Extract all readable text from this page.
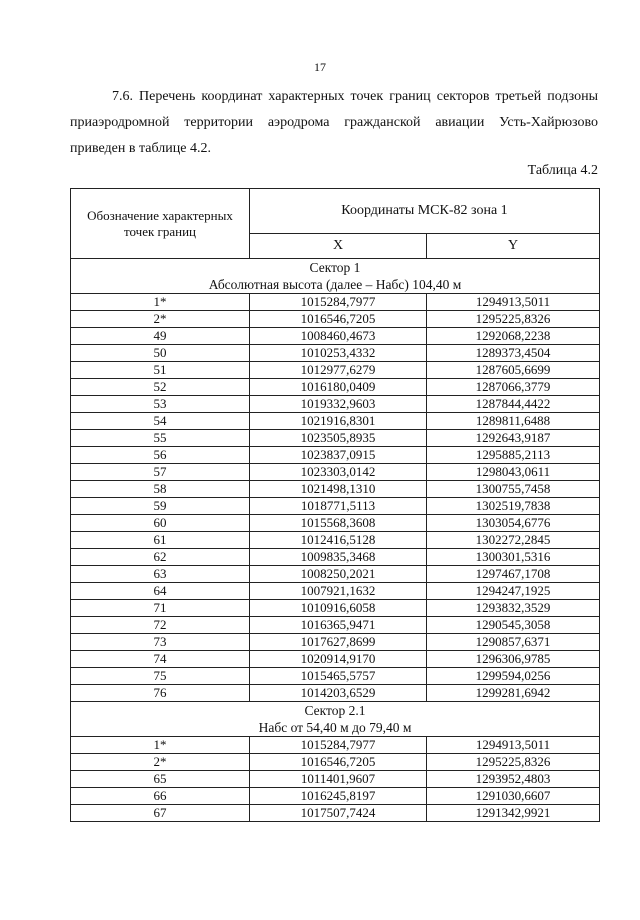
17
7.6. Перечень координат характерных точек границ секторов третьей подзоны
приаэродромной территории аэродрома гражданской авиации Усть-Хайрюзово
приведен в таблице 4.2.
Таблица 4.2
Обозначение характерных точек границ	Координаты МСК-82 зона 1	
	X	Y

Сектор 1
Абсолютная высота (далее – Набс) 104,40 м		

1*	1015284,7977	1294913,5011
2*	1016546,7205	1295225,8326
49	1008460,4673	1292068,2238
50	1010253,4332	1289373,4504
51	1012977,6279	1287605,6699
52	1016180,0409	1287066,3779
53	1019332,9603	1287844,4422
54	1021916,8301	1289811,6488
55	1023505,8935	1292643,9187
56	1023837,0915	1295885,2113
57	1023303,0142	1298043,0611
58	1021498,1310	1300755,7458
59	1018771,5113	1302519,7838
60	1015568,3608	1303054,6776
61	1012416,5128	1302272,2845
62	1009835,3468	1300301,5316
63	1008250,2021	1297467,1708
64	1007921,1632	1294247,1925
71	1010916,6058	1293832,3529
72	1016365,9471	1290545,3058
73	1017627,8699	1290857,6371
74	1020914,9170	1296306,9785
75	1015465,5757	1299594,0256
76	1014203,6529	1299281,6942

Сектор 2.1
Набс от 54,40 м до 79,40 м		

1*	1015284,7977	1294913,5011
2*	1016546,7205	1295225,8326
65	1011401,9607	1293952,4803
66	1016245,8197	1291030,6607
67	1017507,7424	1291342,9921
